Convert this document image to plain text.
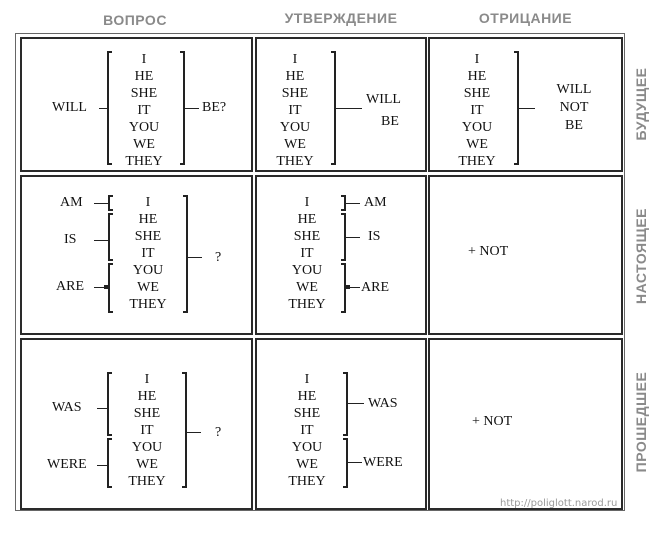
ВОПРОС	УТВЕРЖДЕНИЕ	ОТРИЦАНИЕ
БУДУЩЕЕ
НАСТОЯЩЕЕ
ПРОШЕДШЕЕ
WILL
I
HE
SHE
IT
YOU
WE
THEY
BE?
I
HE
SHE
IT
YOU
WE
THEY
WILL
BE
I
HE
SHE
IT
YOU
WE
THEY
WILL
NOT
BE
AM
IS
ARE
I
HE
SHE
IT
YOU
WE
THEY
?
I
HE
SHE
IT
YOU
WE
THEY
AM
IS
ARE
+ NOT
WAS
WERE
I
HE
SHE
IT
YOU
WE
THEY
?
I
HE
SHE
IT
YOU
WE
THEY
WAS
WERE
+ NOT
http://poliglott.narod.ru
